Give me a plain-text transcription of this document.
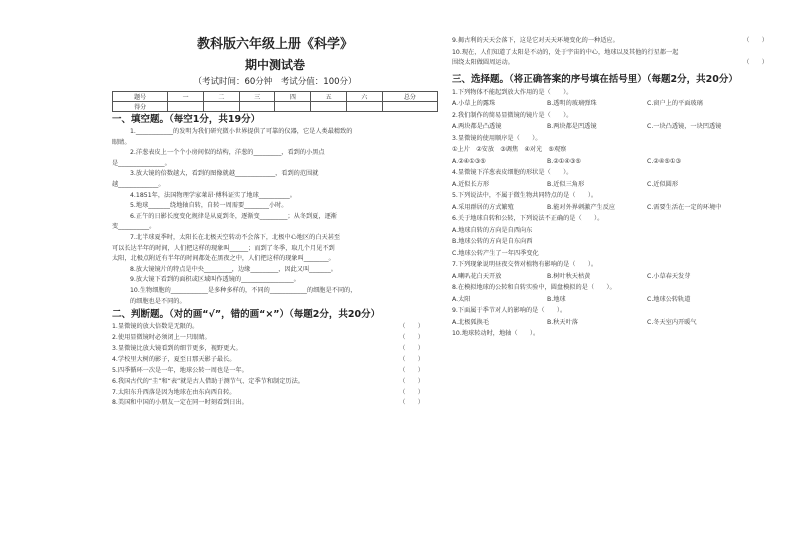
教科版六年级上册《科学》
期中测试卷
（考试时间：60分钟　考试分值：100分）
题号	一	二	三	四	五	六	总分
得分							
一、填空题。（每空1分，共19分）
1.____________的发明为我们研究微小世界提供了可靠的仪器，它是人类最精致的
眼睛。
2.洋葱表皮上一个个小房间似的结构，洋葱的_________，看到的小黑点
是_______________。
3.放大镜的倍数越大，看到的图像就越_____________，看到的范围就
越_____________。
4.1851年，法国物理学家莱昂·傅科证实了地球__________。
5.地球_______绕地轴自转，自转一周需要________小时。
6.正午的日影长度变化规律是从夏到冬，逐渐变_________；从冬到夏，逐渐
变__________。
7.北半球夏季时，太阳长在北极天空转动不会落下，北极中心地区的白天甚至
可以长达半年的时间，人们把这样的现象叫______；而到了冬季，取几个月见不到
太阳，北极点附近有半年的时间都处在黑夜之中，人们把这样的现象叫________。
8.放大镜镜片的特点是中央_________，边缘_________，因此又叫_______。
9.放大镜下看到的面积或区域叫作透镜的_________________。
10.生物细胞的____________是多种多样的，不同的____________的细胞是不同的，
的细胞也是不同的。
二、判断题。（对的画“√”，错的画“×”）（每题2分，共20分）
1.显微镜的放大倍数是无限的。	（　　）
2.使用显微镜时必须闭上一只眼睛。	（　　）
3.显微镜比放大镜看到的细节更多，视野更大。	（　　）
4.学校里大树的影子，夏至日那天影子最长。	（　　）
5.四季循环一次是一年，地球公转一周也是一年。	（　　）
6.我国古代的“圭”和“表”就是古人借助于测节气、定季节和制定历法。	（　　）
7.太阳东升西落是因为地球在由东向西自转。	（　　）
8.美国和中国的小朋友一定在同一时刻看到日出。	（　　）
9.揭古利的天天会落下，这是它对天天环境变化的一种适应。	（　　）
10.现在，人们知道了太阳是不动的，处于宇宙的中心，地球以及其他的行星都一起
围绕太阳做圆周运动。	（　　）
三、选择题。（将正确答案的序号填在括号里）（每题2分，共20分）
1.下列物体不能起到放大作用的是（　　）。
A.小草上的露珠	B.透明的玻璃弹珠	C.窗户上的平面玻璃
2.我们制作的简易显微镜的镜片是（　　）。
A.两块都是凸透镜	B.两块都是凹透镜	C.一块凸透镜，一块凹透镜
3.显微镜的使用顺序是（　　）。
①上片　②安放　③调焦　④对光　⑤观察
A.②④①③⑤	B.②①④③⑤	C.②④⑤①③
4.显微镜下洋葱表皮细胞的形状是（　　）。
A.近似长方形	B.近似三角形	C.近似圆形
5.下列说法中，不属于微生物共同特点的是（　　）。
A.采用群居的方式繁殖	B.能对外界刺激产生反应	C.需要生活在一定的环境中
6.关于地球自转和公转，下列说法不正确的是（　　）。
A.地球自转的方向是自西向东
B.地球公转的方向是自东向西
C.地球公转产生了一年四季变化
7.下列现象说明昼夜交替对植物有影响的是（　　）。
A.喇叭花白天开放	B.树叶秋天枯黄	C.小草春天发芽
8.在模拟地球的公转和自转实验中，圆盘模拟的是（　　）。
A.太阳	B.地球	C.地球公转轨道
9.下面属于季节对人的影响的是（　　）。
A.北极狐换毛	B.秋天叶落	C.冬天室内开暖气
10.地球转动时，地轴（　　）。
